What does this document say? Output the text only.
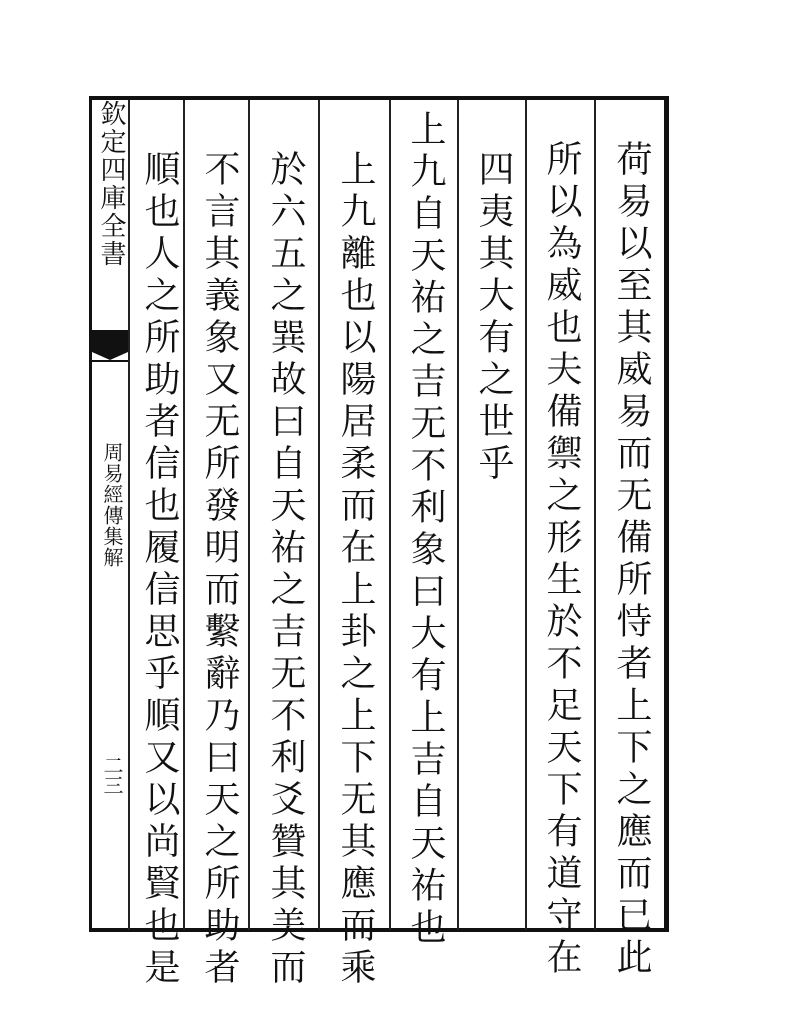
欽定四庫全書
周易經傳集解
二三	荷易以至其威易而无備所恃者上下之應而已此
所以為威也夫備禦之形生於不足天下有道守在
四夷其大有之世乎
上九自天祐之吉无不利象曰大有上吉自天祐也
上九離也以陽居柔而在上卦之上下无其應而乘
於六五之巽故曰自天祐之吉无不利爻贊其美而
不言其義象又无所發明而繫辭乃曰天之所助者
順也人之所助者信也履信思乎順又以尚賢也是
